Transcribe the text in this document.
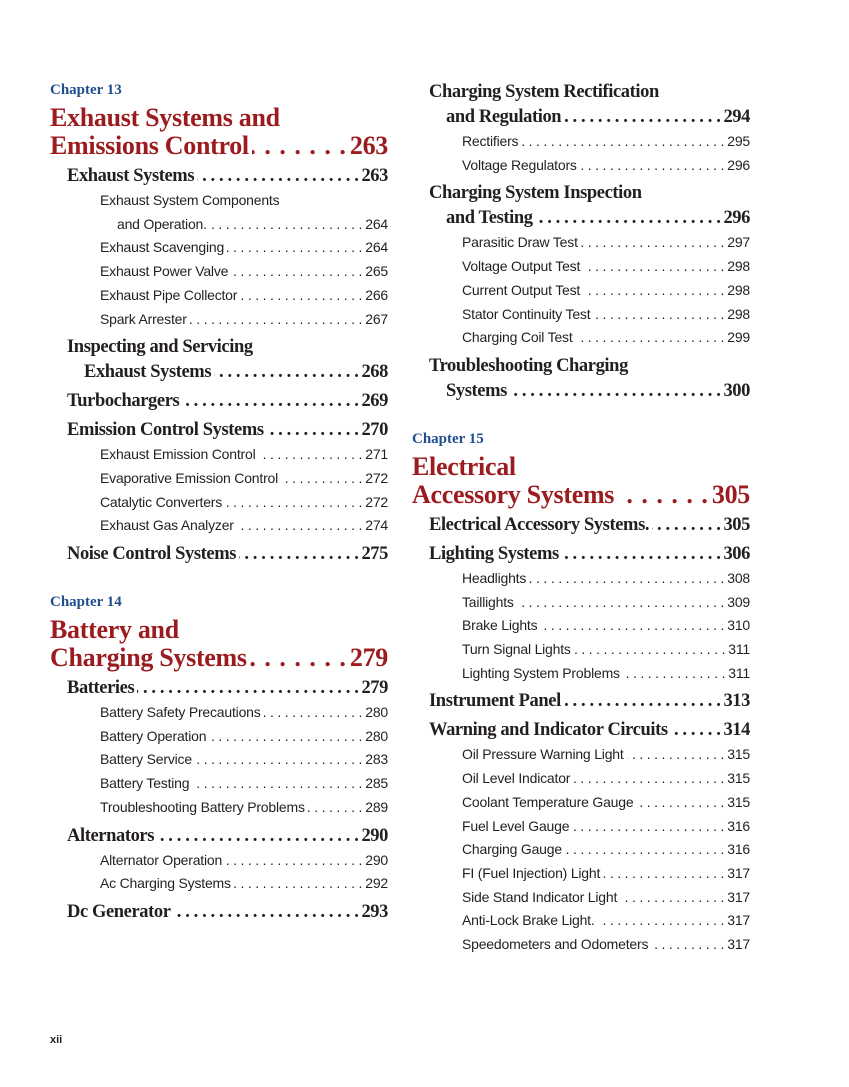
Chapter 13
Exhaust Systems and
Emissions Control . . .	263
Exhaust Systems . . .	263
Exhaust System Components
and Operation. . . .	264
Exhaust Scavenging . . .	264
Exhaust Power Valve . . .	265
Exhaust Pipe Collector . . .	266
Spark Arrester . . .	267
Inspecting and Servicing
Exhaust Systems . . .	268
Turbochargers . . .	269
Emission Control Systems . . .	270
Exhaust Emission Control . . .	271
Evaporative Emission Control . . .	272
Catalytic Converters . . .	272
Exhaust Gas Analyzer . . .	274
Noise Control Systems . . .	275
Chapter 14
Battery and
Charging Systems . . .	279
Batteries . . .	279
Battery Safety Precautions . . .	280
Battery Operation . . .	280
Battery Service . . .	283
Battery Testing . . .	285
Troubleshooting Battery Problems . . .	289
Alternators . . .	290
Alternator Operation . . .	290
Ac Charging Systems . . .	292
Dc Generator . . .	293
Charging System Rectification
and Regulation . . .	294
Rectifiers . . .	295
Voltage Regulators . . .	296
Charging System Inspection
and Testing . . .	296
Parasitic Draw Test . . .	297
Voltage Output Test . . .	298
Current Output Test . . .	298
Stator Continuity Test . . .	298
Charging Coil Test . . .	299
Troubleshooting Charging
Systems . . .	300
Chapter 15
Electrical
Accessory Systems . . .	305
Electrical Accessory Systems. . . .	305
Lighting Systems . . .	306
Headlights . . .	308
Taillights . . .	309
Brake Lights . . .	310
Turn Signal Lights . . .	311
Lighting System Problems . . .	311
Instrument Panel . . .	313
Warning and Indicator Circuits . . .	314
Oil Pressure Warning Light . . .	315
Oil Level Indicator . . .	315
Coolant Temperature Gauge . . .	315
Fuel Level Gauge . . .	316
Charging Gauge . . .	316
FI (Fuel Injection) Light . . .	317
Side Stand Indicator Light . . .	317
Anti-Lock Brake Light. . . .	317
Speedometers and Odometers . . .	317
xii
